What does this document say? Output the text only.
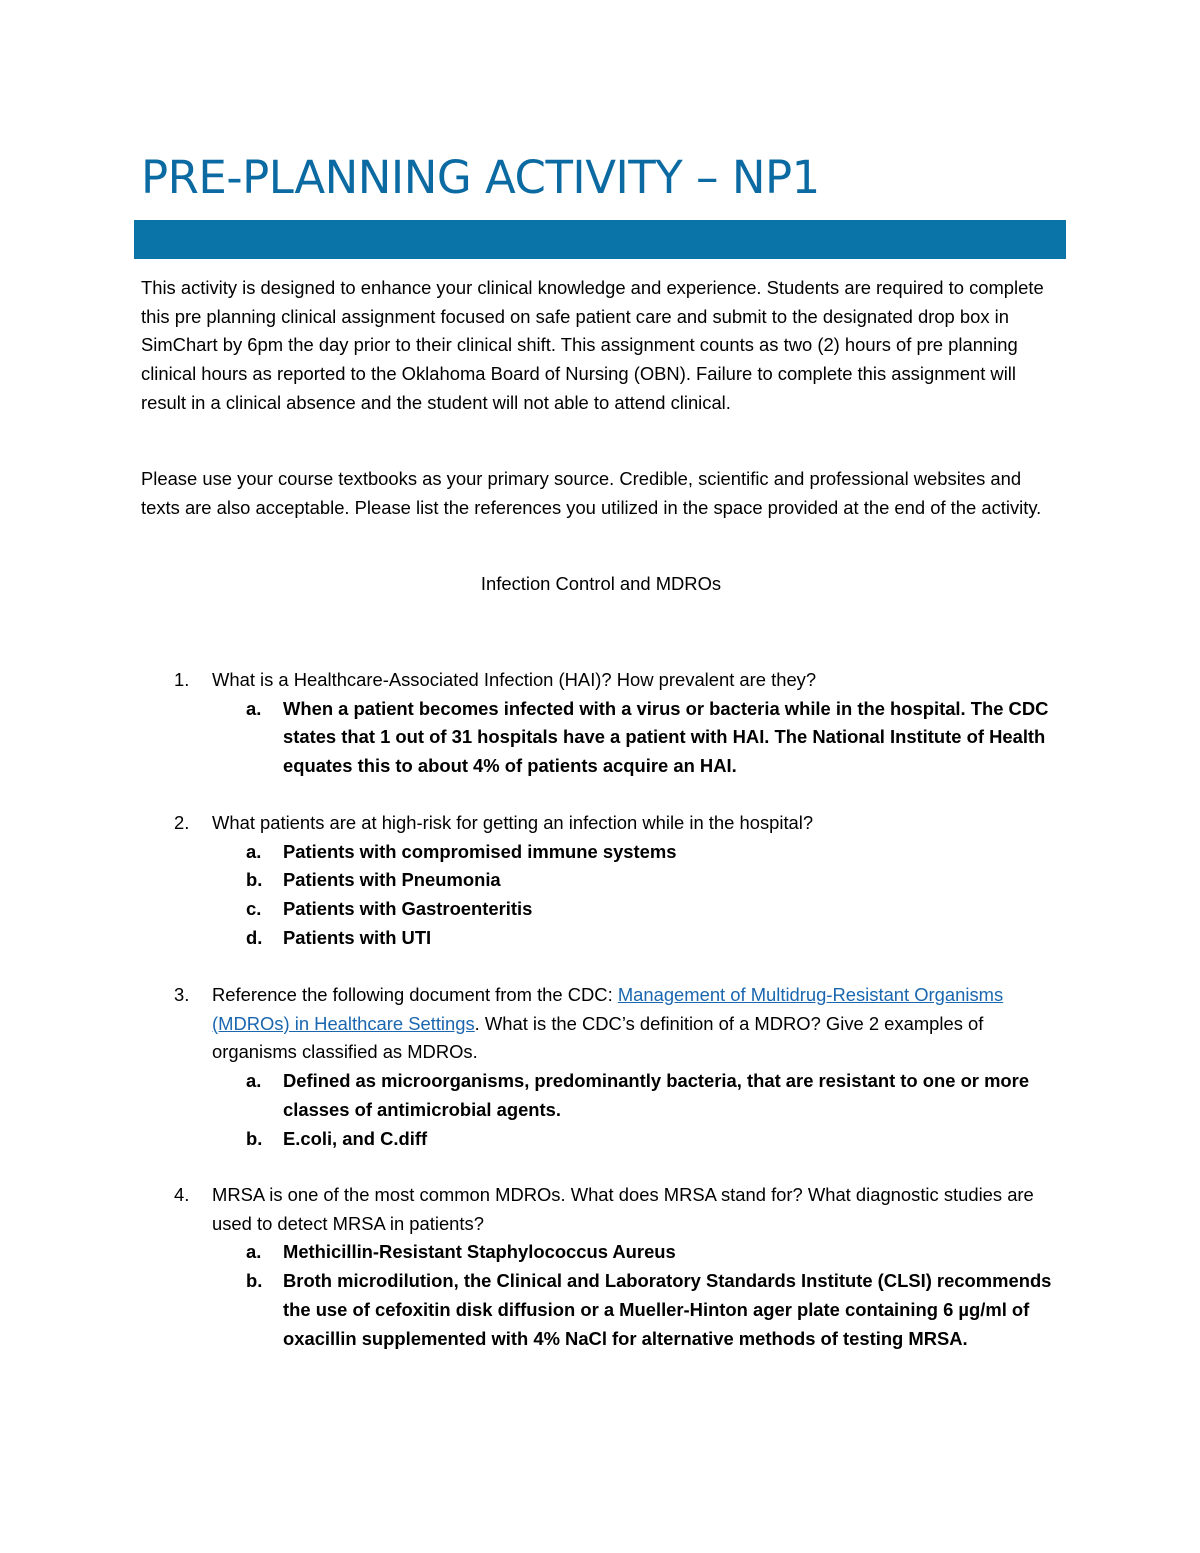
PRE-PLANNING ACTIVITY – NP1

This activity is designed to enhance your clinical knowledge and experience. Students are required to complete this pre planning clinical assignment focused on safe patient care and submit to the designated drop box in SimChart by 6pm the day prior to their clinical shift. This assignment counts as two (2) hours of pre planning clinical hours as reported to the Oklahoma Board of Nursing (OBN). Failure to complete this assignment will result in a clinical absence and the student will not able to attend clinical.

Please use your course textbooks as your primary source. Credible, scientific and professional websites and texts are also acceptable. Please list the references you utilized in the space provided at the end of the activity.

Infection Control and MDROs

1. What is a Healthcare-Associated Infection (HAI)? How prevalent are they?
a. When a patient becomes infected with a virus or bacteria while in the hospital. The CDC states that 1 out of 31 hospitals have a patient with HAI. The National Institute of Health equates this to about 4% of patients acquire an HAI.
2. What patients are at high-risk for getting an infection while in the hospital?
a. Patients with compromised immune systems
b. Patients with Pneumonia
c. Patients with Gastroenteritis
d. Patients with UTI
3. Reference the following document from the CDC: Management of Multidrug-Resistant Organisms (MDROs) in Healthcare Settings. What is the CDC’s definition of a MDRO? Give 2 examples of organisms classified as MDROs.
a. Defined as microorganisms, predominantly bacteria, that are resistant to one or more classes of antimicrobial agents.
b. E.coli, and C.diff
4. MRSA is one of the most common MDROs. What does MRSA stand for? What diagnostic studies are used to detect MRSA in patients?
a. Methicillin-Resistant Staphylococcus Aureus
b. Broth microdilution, the Clinical and Laboratory Standards Institute (CLSI) recommends the use of cefoxitin disk diffusion or a Mueller-Hinton ager plate containing 6 µg/ml of oxacillin supplemented with 4% NaCl for alternative methods of testing MRSA.
